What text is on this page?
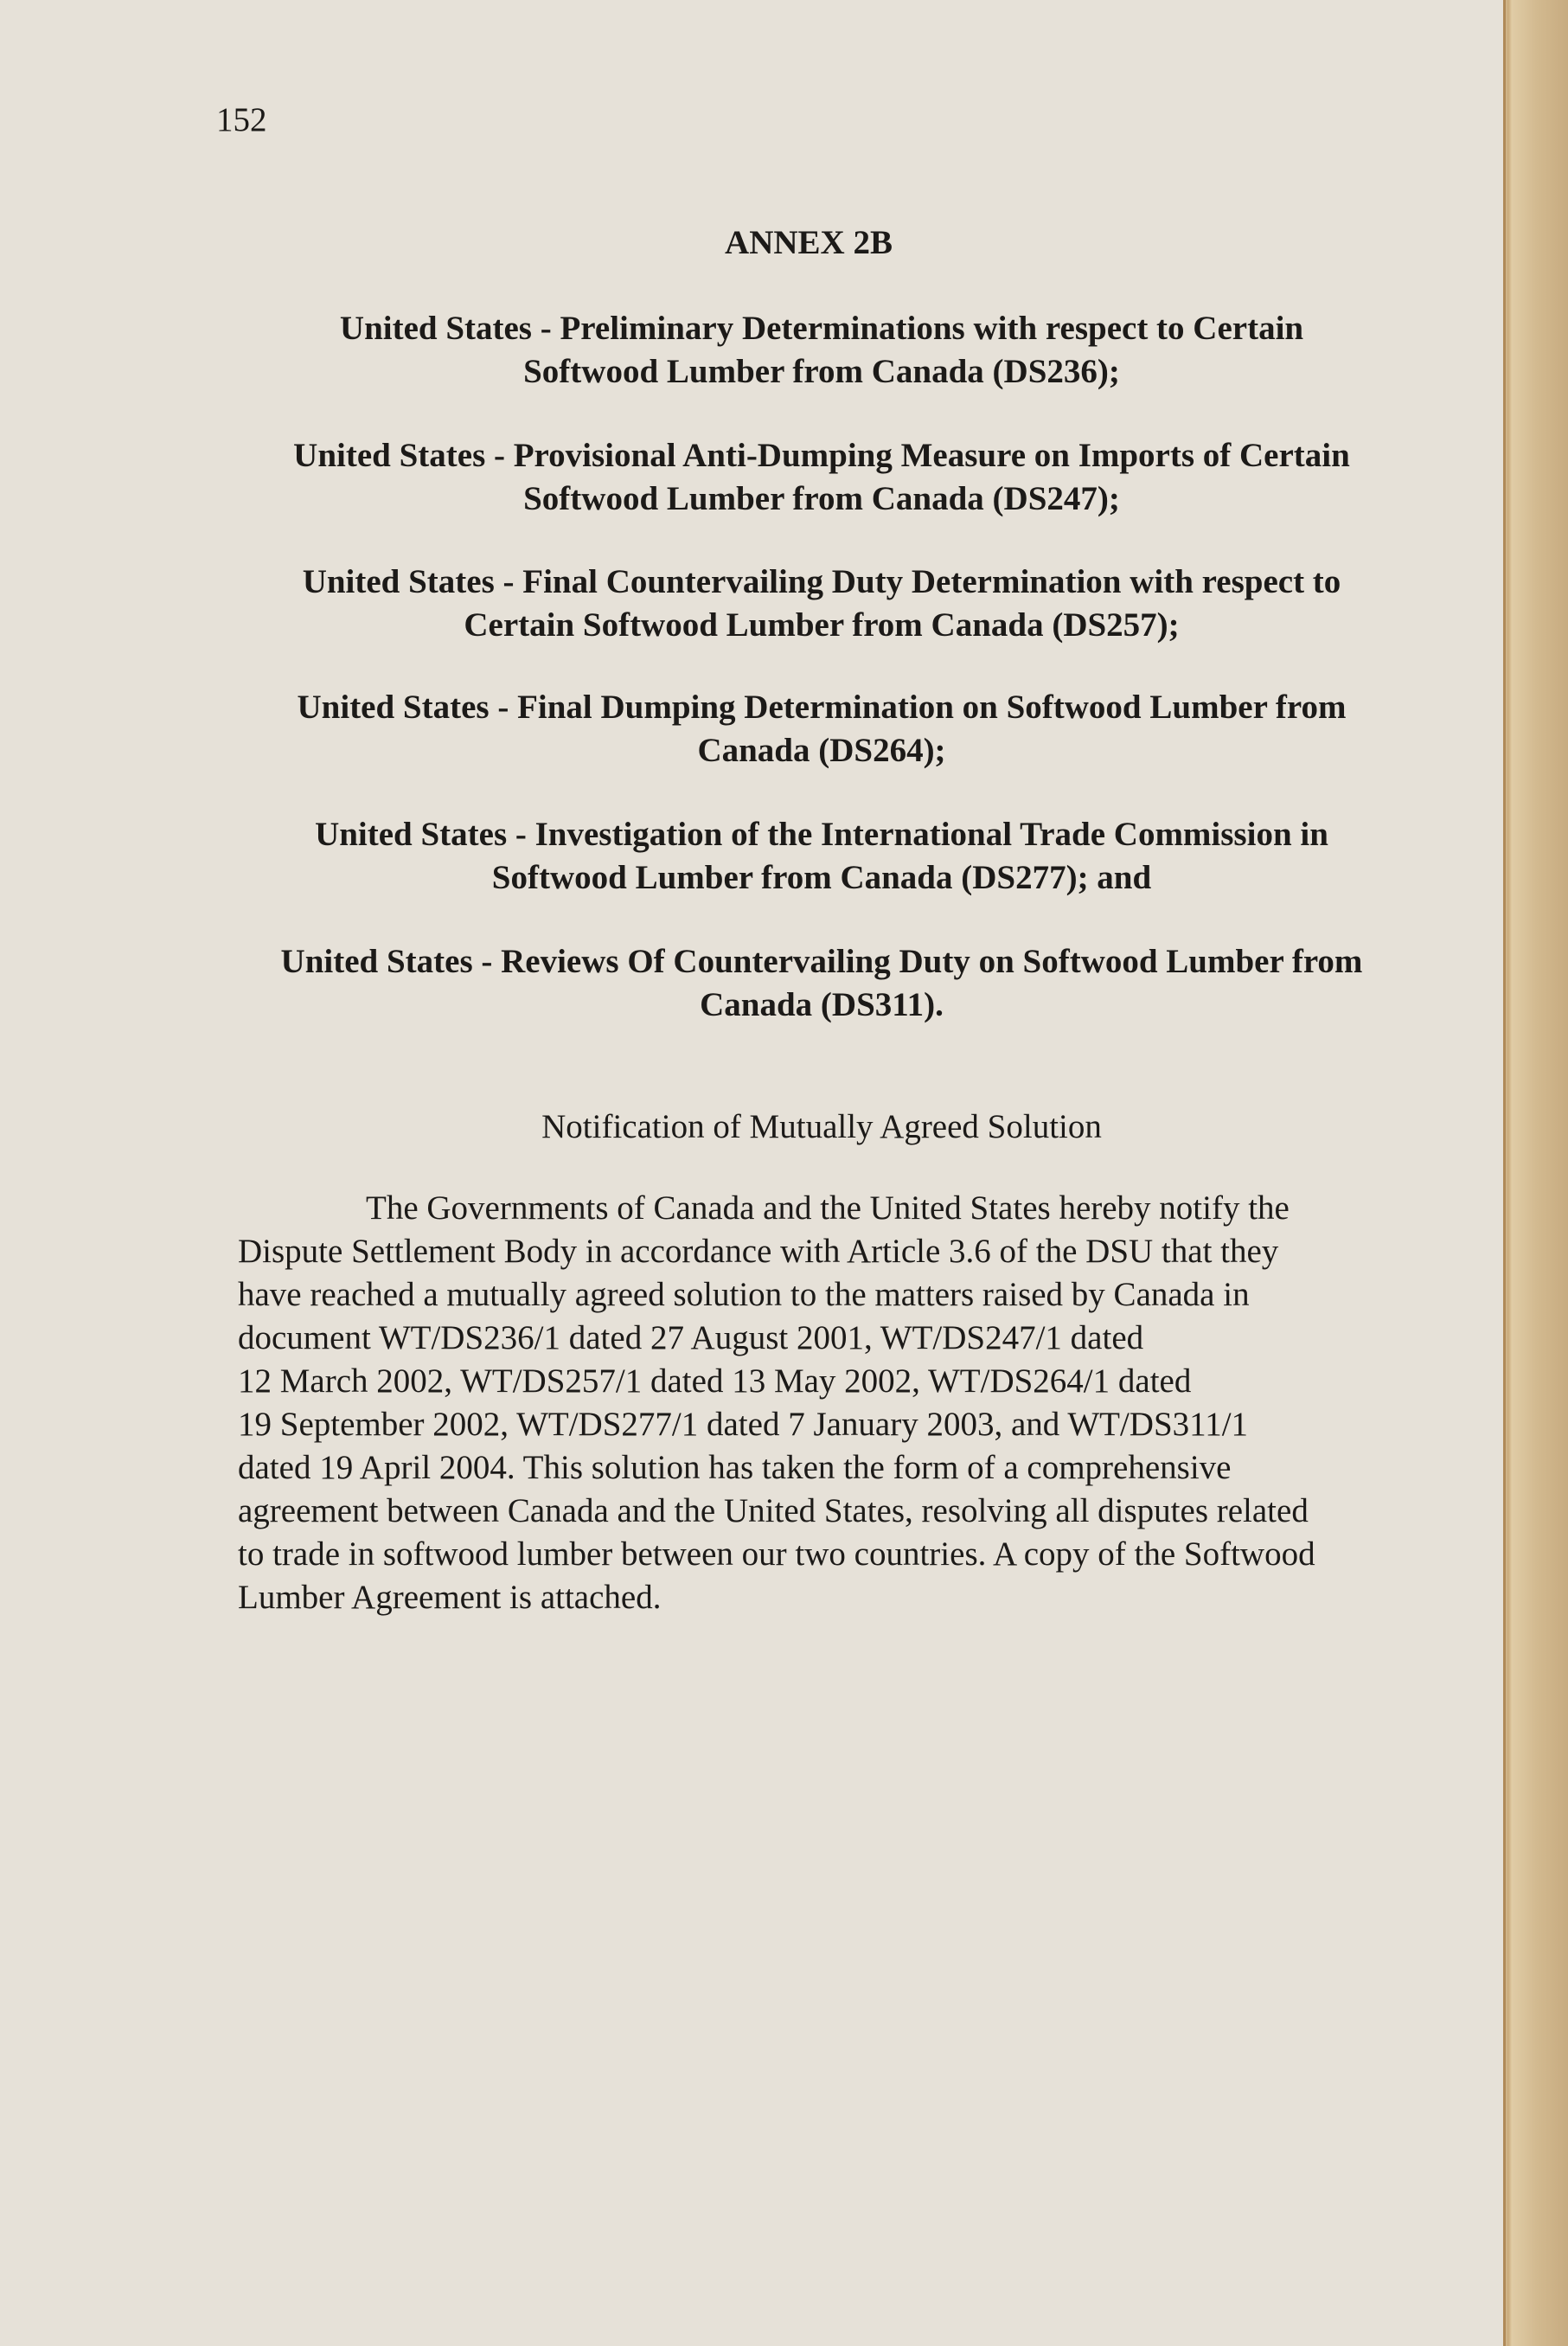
152
ANNEX 2B
United States - Preliminary Determinations with respect to Certain
Softwood Lumber from Canada (DS236);
United States - Provisional Anti-Dumping Measure on Imports of Certain
Softwood Lumber from Canada (DS247);
United States - Final Countervailing Duty Determination with respect to
Certain Softwood Lumber from Canada (DS257);
United States - Final Dumping Determination on Softwood Lumber from
Canada (DS264);
United States - Investigation of the International Trade Commission in
Softwood Lumber from Canada (DS277); and
United States - Reviews Of Countervailing Duty on Softwood Lumber from
Canada (DS311).
Notification of Mutually Agreed Solution
The Governments of Canada and the United States hereby notify the
Dispute Settlement Body in accordance with Article 3.6 of the DSU that they
have reached a mutually agreed solution to the matters raised by Canada in
document WT/DS236/1 dated 27 August 2001, WT/DS247/1 dated
12 March 2002, WT/DS257/1 dated 13 May 2002, WT/DS264/1 dated
19 September 2002, WT/DS277/1 dated 7 January 2003, and WT/DS311/1
dated 19 April 2004. This solution has taken the form of a comprehensive
agreement between Canada and the United States, resolving all disputes related
to trade in softwood lumber between our two countries. A copy of the Softwood
Lumber Agreement is attached.
